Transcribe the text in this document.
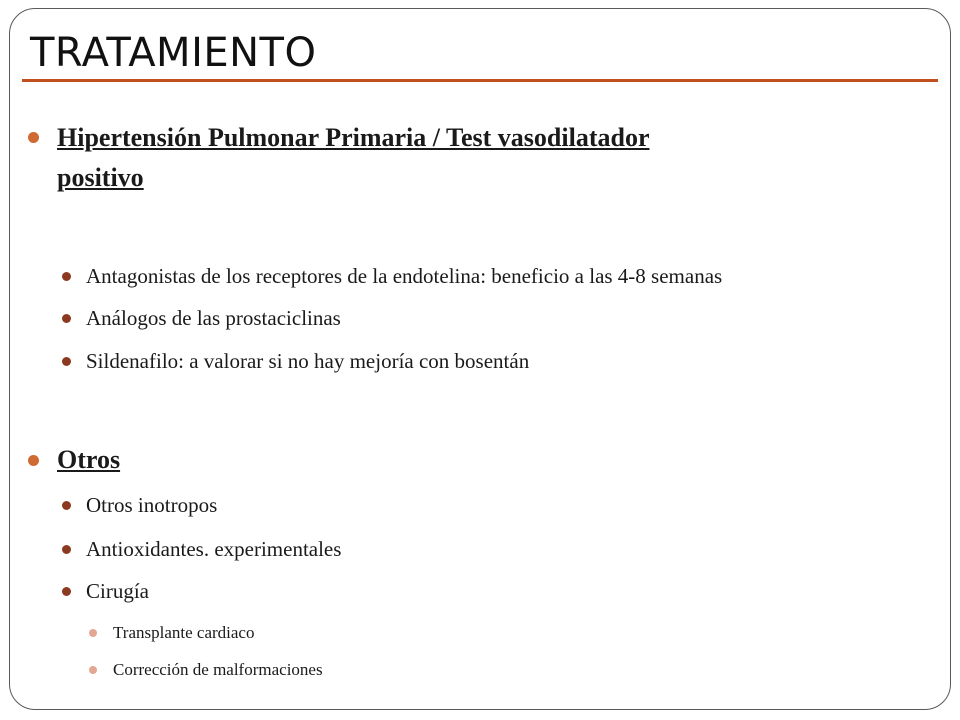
TRATAMIENTO
Hipertensión Pulmonar Primaria / Test vasodilatador
positivo
Antagonistas de los receptores de la endotelina: beneficio a las 4-8 semanas
Análogos de las prostaciclinas
Sildenafilo: a valorar si no hay mejoría con bosentán
Otros
Otros inotropos
Antioxidantes. experimentales
Cirugía
Transplante cardiaco
Corrección de malformaciones
